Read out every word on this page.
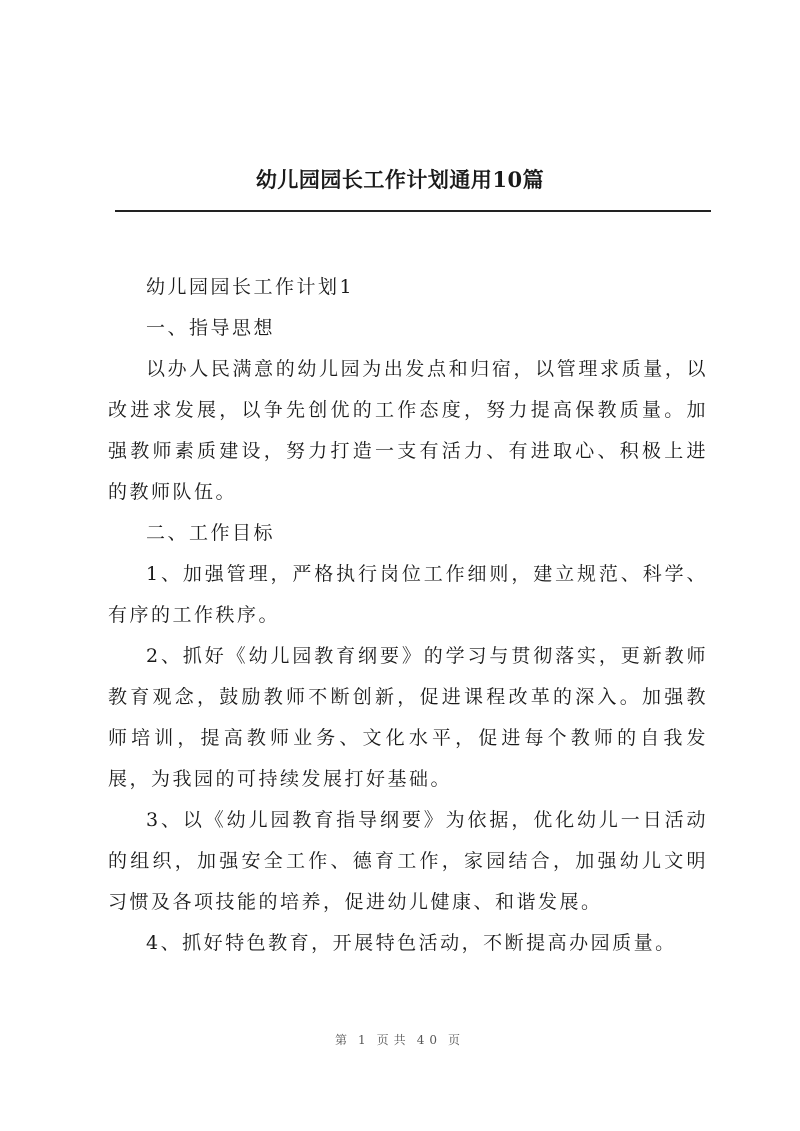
幼儿园园长工作计划通用10篇

幼儿园园长工作计划1

一、指导思想

以办人民满意的幼儿园为出发点和归宿，以管理求质量，以改进求发展，以争先创优的工作态度，努力提高保教质量。加强教师素质建设，努力打造一支有活力、有进取心、积极上进的教师队伍。

二、工作目标

1、加强管理，严格执行岗位工作细则，建立规范、科学、有序的工作秩序。

2、抓好《幼儿园教育纲要》的学习与贯彻落实，更新教师教育观念，鼓励教师不断创新，促进课程改革的深入。加强教师培训，提高教师业务、文化水平，促进每个教师的自我发展，为我园的可持续发展打好基础。

3、以《幼儿园教育指导纲要》为依据，优化幼儿一日活动的组织，加强安全工作、德育工作，家园结合，加强幼儿文明习惯及各项技能的培养，促进幼儿健康、和谐发展。

4、抓好特色教育，开展特色活动，不断提高办园质量。

第 1 页共 40 页
